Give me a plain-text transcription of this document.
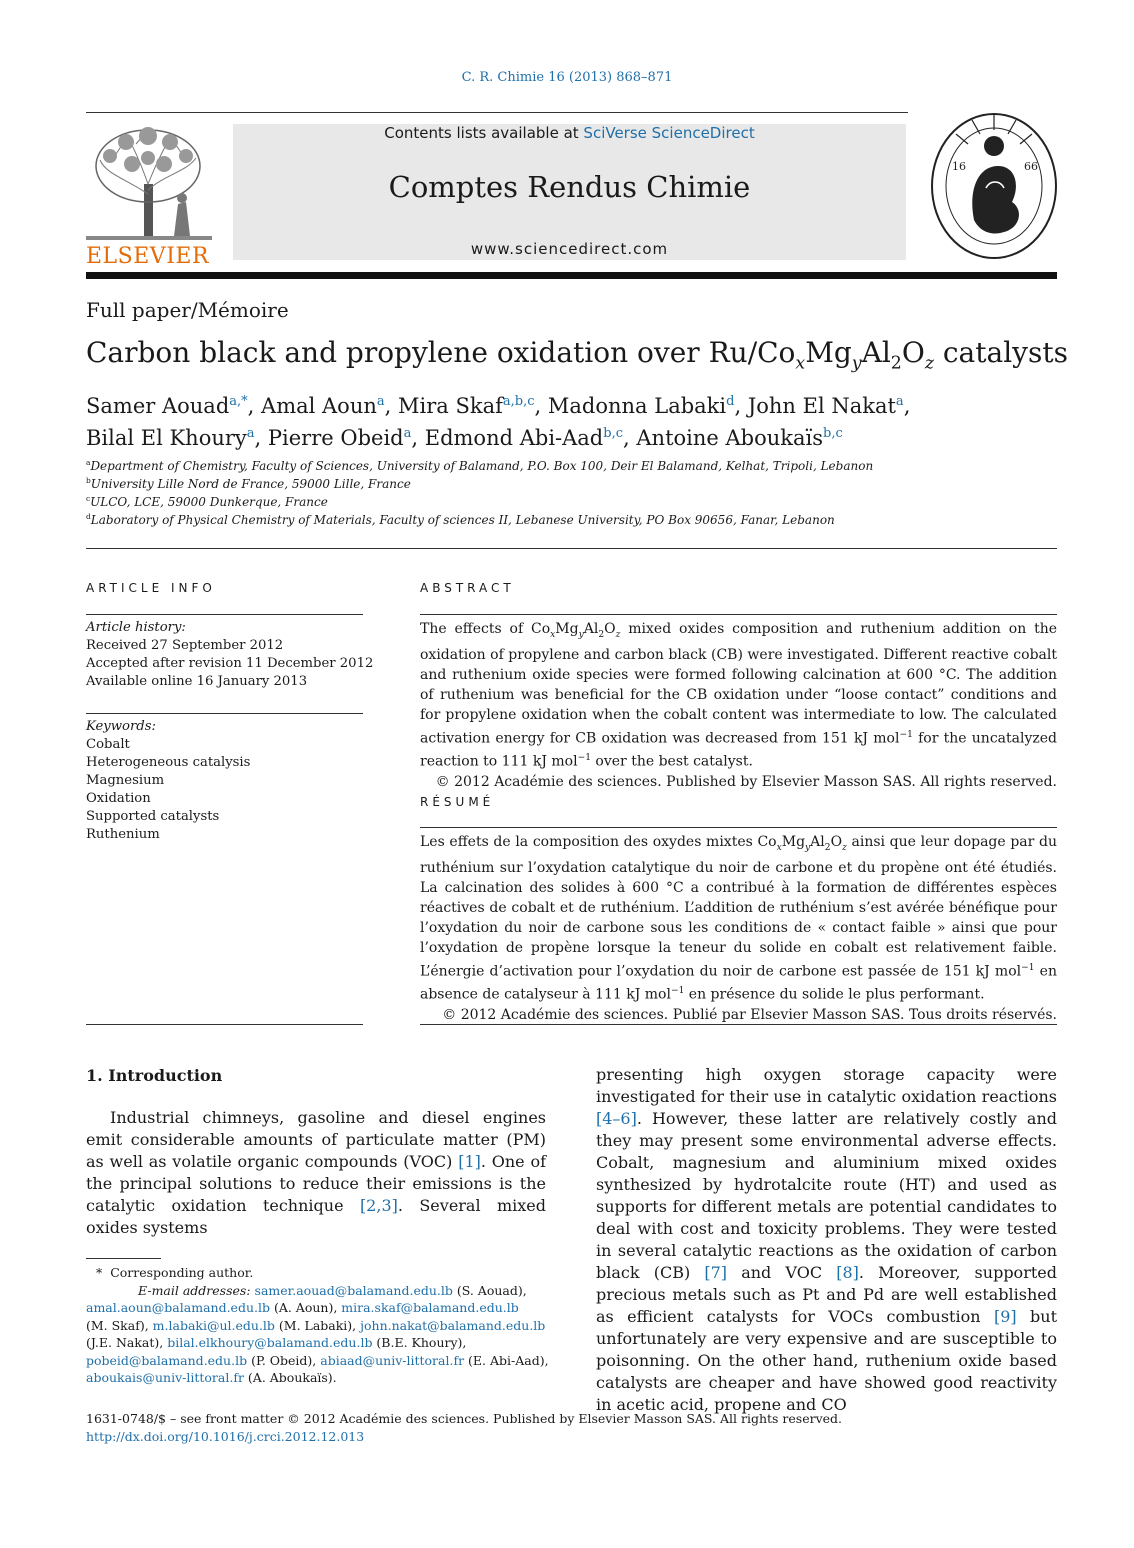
C. R. Chimie 16 (2013) 868–871
ELSEVIER
Contents lists available at SciVerse ScienceDirect
Comptes Rendus Chimie
www.sciencedirect.com
16	66
Full paper/Mémoire
Carbon black and propylene oxidation over $Ru/Co_xMg_yAl_2O_z$ catalysts
Samer Aouad$^{a,*}$, Amal Aoun$^a$, Mira Skaf$^{a,b,c}$, Madonna Labaki$^d$, John El Nakat$^a$,
Bilal El Khoury$^a$, Pierre Obeid$^a$, Edmond Abi-Aad$^{b,c}$, Antoine Aboukaïs$^{b,c}$
$^a$Department of Chemistry, Faculty of Sciences, University of Balamand, P.O. Box 100, Deir El Balamand, Kelhat, Tripoli, Lebanon
$^b$University Lille Nord de France, 59000 Lille, France
$^c$ULCO, LCE, 59000 Dunkerque, France
$^d$Laboratory of Physical Chemistry of Materials, Faculty of sciences II, Lebanese University, PO Box 90656, Fanar, Lebanon
ARTICLE INFO
Article history:
Received 27 September 2012
Accepted after revision 11 December 2012
Available online 16 January 2013
Keywords:
Cobalt
Heterogeneous catalysis
Magnesium
Oxidation
Supported catalysts
Ruthenium
ABSTRACT
The effects of $Co_xMg_yAl_2O_z$ mixed oxides composition and ruthenium addition on the oxidation of propylene and carbon black (CB) were investigated. Different reactive cobalt and ruthenium oxide species were formed following calcination at 600 °C. The addition of ruthenium was beneficial for the CB oxidation under “loose contact” conditions and for propylene oxidation when the cobalt content was intermediate to low. The calculated activation energy for CB oxidation was decreased from 151 kJ mol$^{-1}$ for the uncatalyzed reaction to 111 kJ mol$^{-1}$ over the best catalyst.
© 2012 Académie des sciences. Published by Elsevier Masson SAS. All rights reserved.
RÉSUMÉ
Les effets de la composition des oxydes mixtes $Co_xMg_yAl_2O_z$ ainsi que leur dopage par du ruthénium sur l’oxydation catalytique du noir de carbone et du propène ont été étudiés. La calcination des solides à 600 °C a contribué à la formation de différentes espèces réactives de cobalt et de ruthénium. L’addition de ruthénium s’est avérée bénéfique pour l’oxydation du noir de carbone sous les conditions de « contact faible » ainsi que pour l’oxydation de propène lorsque la teneur du solide en cobalt est relativement faible. L’énergie d’activation pour l’oxydation du noir de carbone est passée de 151 kJ mol$^{-1}$ en absence de catalyseur à 111 kJ mol$^{-1}$ en présence du solide le plus performant.
© 2012 Académie des sciences. Publié par Elsevier Masson SAS. Tous droits réservés.
1. Introduction
Industrial chimneys, gasoline and diesel engines emit considerable amounts of particulate matter (PM) as well as volatile organic compounds (VOC) [1]. One of the principal solutions to reduce their emissions is the catalytic oxidation technique [2,3]. Several mixed oxides systems
presenting high oxygen storage capacity were investigated for their use in catalytic oxidation reactions [4–6]. However, these latter are relatively costly and they may present some environmental adverse effects. Cobalt, magnesium and aluminium mixed oxides synthesized by hydrotalcite route (HT) and used as supports for different metals are potential candidates to deal with cost and toxicity problems. They were tested in several catalytic reactions as the oxidation of carbon black (CB) [7] and VOC [8]. Moreover, supported precious metals such as Pt and Pd are well established as efficient catalysts for VOCs combustion [9] but unfortunately are very expensive and are susceptible to poisonning. On the other hand, ruthenium oxide based catalysts are cheaper and have showed good reactivity in acetic acid, propene and CO
* Corresponding author.
E-mail addresses: samer.aouad@balamand.edu.lb (S. Aouad),
amal.aoun@balamand.edu.lb (A. Aoun), mira.skaf@balamand.edu.lb
(M. Skaf), m.labaki@ul.edu.lb (M. Labaki), john.nakat@balamand.edu.lb
(J.E. Nakat), bilal.elkhoury@balamand.edu.lb (B.E. Khoury),
pobeid@balamand.edu.lb (P. Obeid), abiaad@univ-littoral.fr (E. Abi-Aad),
aboukais@univ-littoral.fr (A. Aboukaïs).
1631-0748/$ – see front matter © 2012 Académie des sciences. Published by Elsevier Masson SAS. All rights reserved.
http://dx.doi.org/10.1016/j.crci.2012.12.013
